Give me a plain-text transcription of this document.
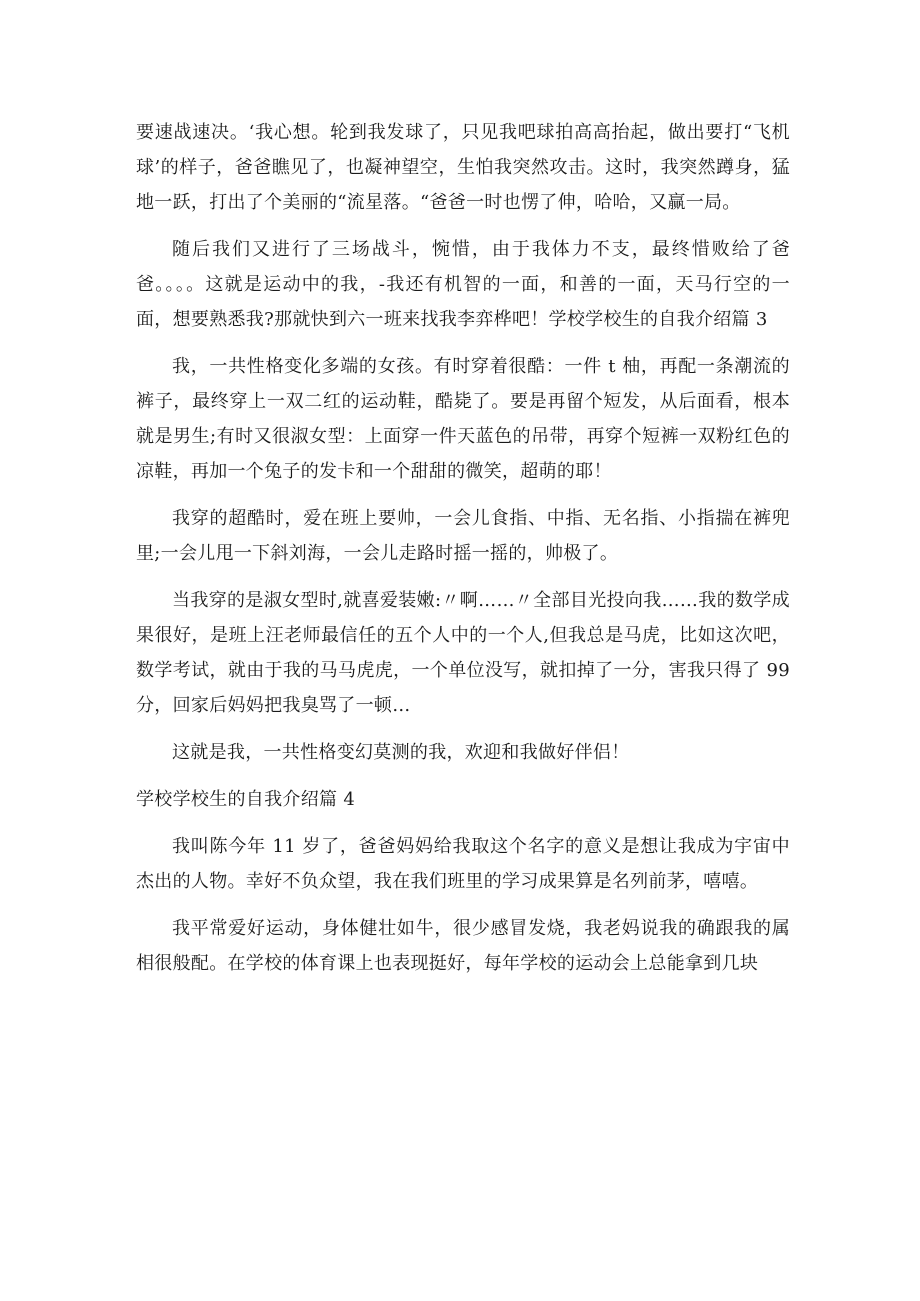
要速战速决。‘我心想。轮到我发球了，只见我吧球拍高高抬起，做出要打“飞机球’的样子，爸爸瞧见了，也凝神望空，生怕我突然攻击。这时，我突然蹲身，猛地一跃，打出了个美丽的“流星落。“爸爸一时也愣了伸，哈哈，又赢一局。

随后我们又进行了三场战斗，惋惜，由于我体力不支，最终惜败给了爸爸。。。。这就是运动中的我，-我还有机智的一面，和善的一面，天马行空的一面，想要熟悉我?那就快到六一班来找我李弈桦吧！学校学校生的自我介绍篇 3

我，一共性格变化多端的女孩。有时穿着很酷：一件 t 柚，再配一条潮流的裤子，最终穿上一双二红的运动鞋，酷毙了。要是再留个短发，从后面看，根本就是男生;有时又很淑女型：上面穿一件天蓝色的吊带，再穿个短裤一双粉红色的凉鞋，再加一个兔子的发卡和一个甜甜的微笑，超萌的耶！

我穿的超酷时，爱在班上要帅，一会儿食指、中指、无名指、小指揣在裤兜里;一会儿甩一下斜刘海，一会儿走路时摇一摇的，帅极了。

当我穿的是淑女型时,就喜爱装嫩:〃啊……〃全部目光投向我……我的数学成果很好，是班上汪老师最信任的五个人中的一个人,但我总是马虎，比如这次吧，数学考试，就由于我的马马虎虎，一个单位没写，就扣掉了一分，害我只得了 99 分，回家后妈妈把我臭骂了一顿…

这就是我，一共性格变幻莫测的我，欢迎和我做好伴侣！

学校学校生的自我介绍篇 4

我叫陈今年 11 岁了，爸爸妈妈给我取这个名字的意义是想让我成为宇宙中杰出的人物。幸好不负众望，我在我们班里的学习成果算是名列前茅，嘻嘻。

我平常爱好运动，身体健壮如牛，很少感冒发烧，我老妈说我的确跟我的属相很般配。在学校的体育课上也表现挺好，每年学校的运动会上总能拿到几块
